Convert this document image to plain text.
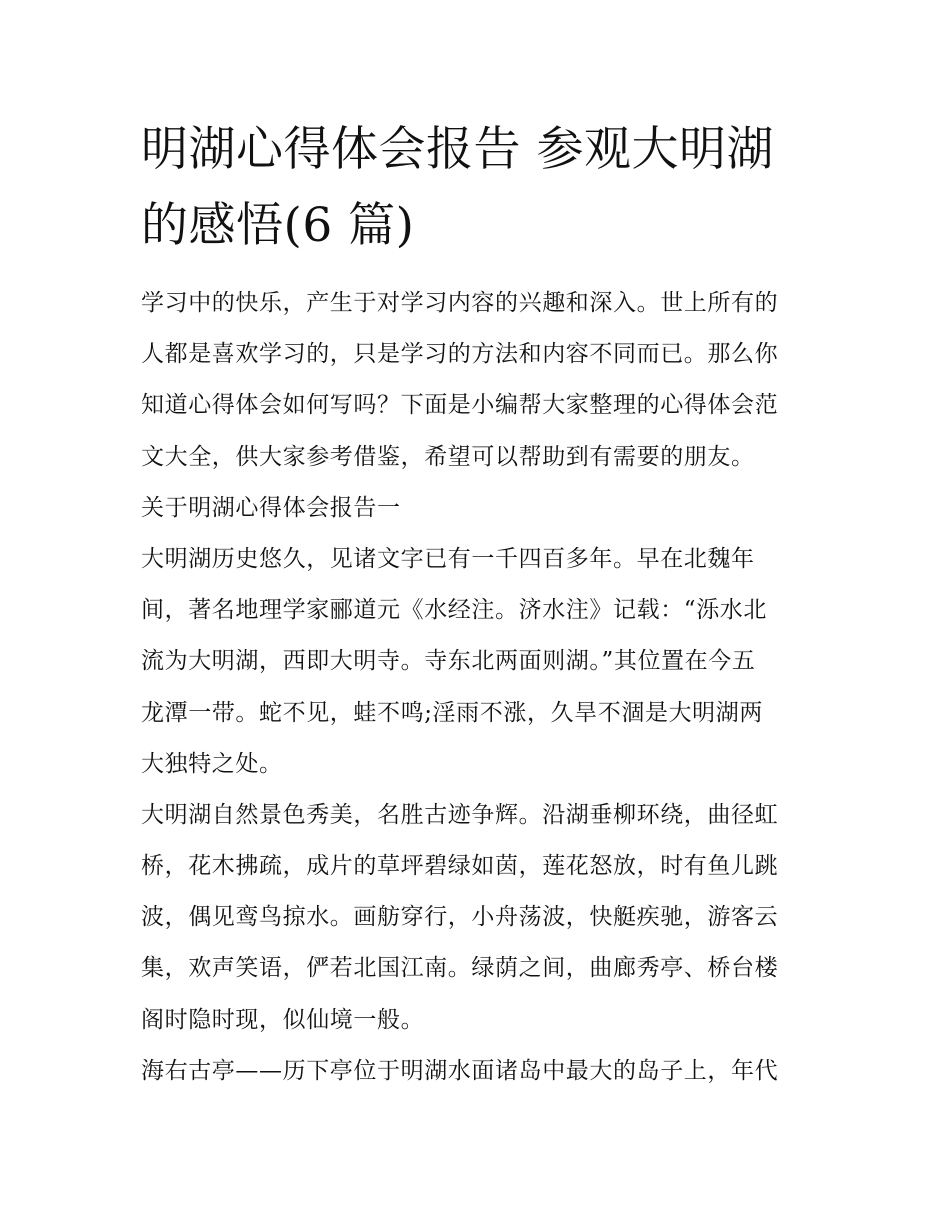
明湖心得体会报告 参观大明湖
的感悟(6 篇)

学习中的快乐，产生于对学习内容的兴趣和深入。世上所有的
人都是喜欢学习的，只是学习的方法和内容不同而已。那么你
知道心得体会如何写吗？下面是小编帮大家整理的心得体会范
文大全，供大家参考借鉴，希望可以帮助到有需要的朋友。

关于明湖心得体会报告一

大明湖历史悠久，见诸文字已有一千四百多年。早在北魏年
间，著名地理学家郦道元《水经注。济水注》记载：“泺水北
流为大明湖，西即大明寺。寺东北两面则湖。”其位置在今五
龙潭一带。蛇不见，蛙不鸣;淫雨不涨，久旱不涸是大明湖两
大独特之处。

大明湖自然景色秀美，名胜古迹争辉。沿湖垂柳环绕，曲径虹
桥，花木拂疏，成片的草坪碧绿如茵，莲花怒放，时有鱼儿跳
波，偶见鸾鸟掠水。画舫穿行，小舟荡波，快艇疾驰，游客云
集，欢声笑语，俨若北国江南。绿荫之间，曲廊秀亭、桥台楼
阁时隐时现，似仙境一般。

海右古亭——历下亭位于明湖水面诸岛中最大的岛子上，年代
